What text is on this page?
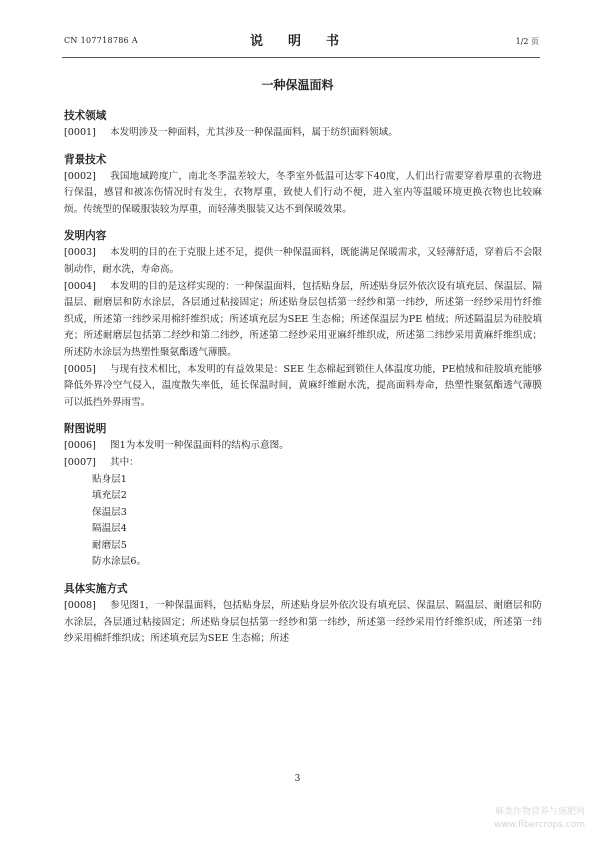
CN 107718786 A	说　明　书	1/2 页
一种保温面料
技术领域

[0001] 本发明涉及一种面料，尤其涉及一种保温面料，属于纺织面料领域。

背景技术

[0002] 我国地域跨度广，南北冬季温差较大，冬季室外低温可达零下40度，人们出行需要穿着厚重的衣物进行保温，感冒和被冻伤情况时有发生，衣物厚重，致使人们行动不便，进入室内等温暖环境更换衣物也比较麻烦。传统型的保暖服装较为厚重，而轻薄类服装又达不到保暖效果。

发明内容

[0003] 本发明的目的在于克服上述不足，提供一种保温面料，既能满足保暖需求，又轻薄舒适，穿着后不会限制动作，耐水洗，寿命高。

[0004] 本发明的目的是这样实现的：一种保温面料，包括贴身层，所述贴身层外依次设有填充层、保温层、隔温层、耐磨层和防水涂层，各层通过粘接固定；所述贴身层包括第一经纱和第一纬纱，所述第一经纱采用竹纤维织成，所述第一纬纱采用棉纤维织成；所述填充层为SEE 生态棉；所述保温层为PE 植绒；所述隔温层为硅胶填充；所述耐磨层包括第二经纱和第二纬纱，所述第二经纱采用亚麻纤维织成，所述第二纬纱采用黄麻纤维织成；所述防水涂层为热塑性聚氨酯透气薄膜。

[0005] 与现有技术相比，本发明的有益效果是：SEE 生态棉起到锁住人体温度功能，PE植绒和硅胶填充能够降低外界冷空气侵入，温度散失率低，延长保温时间，黄麻纤维耐水洗，提高面料寿命，热塑性聚氨酯透气薄膜可以抵挡外界雨雪。

附图说明

[0006] 图1为本发明一种保温面料的结构示意图。

[0007] 其中：

贴身层1
填充层2
保温层3
隔温层4
耐磨层5
防水涂层6。
具体实施方式

[0008] 参见图1，一种保温面料，包括贴身层，所述贴身层外依次设有填充层、保温层、隔温层、耐磨层和防水涂层，各层通过粘接固定；所述贴身层包括第一经纱和第一纬纱，所述第一经纱采用竹纤维织成，所述第一纬纱采用棉纤维织成；所述填充层为SEE 生态棉；所述

3
麻类作物营养与施肥网
www.fibercrops.com
